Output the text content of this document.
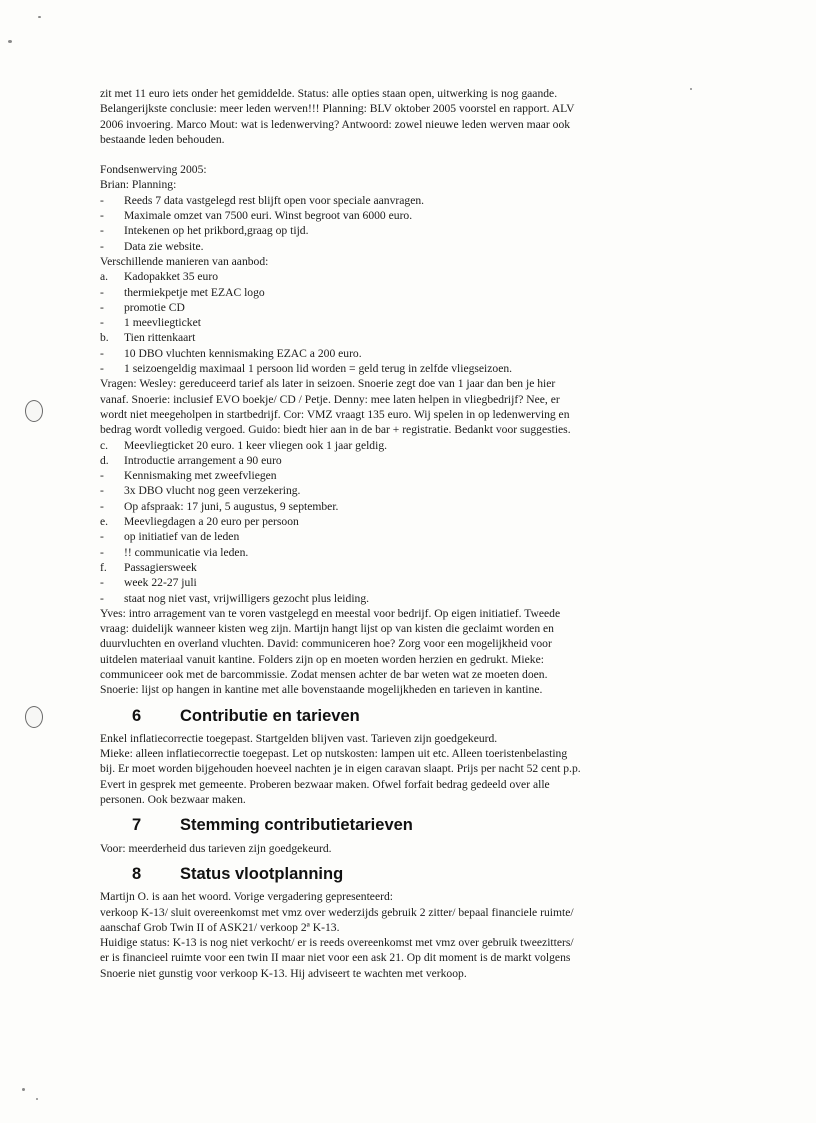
zit met 11 euro iets onder het gemiddelde. Status: alle opties staan open, uitwerking is nog gaande.

Belangerijkste conclusie: meer leden werven!!! Planning: BLV oktober 2005 voorstel en rapport. ALV

2006 invoering. Marco Mout: wat is ledenwerving? Antwoord: zowel nieuwe leden werven maar ook

bestaande leden behouden.

Fondsenwerving 2005:

Brian: Planning:

-	Reeds 7 data vastgelegd rest blijft open voor speciale aanvragen.
-	Maximale omzet van 7500 euri. Winst begroot van 6000 euro.
-	Intekenen op het prikbord,graag op tijd.
-	Data zie website.

Verschillende manieren van aanbod:

a.	Kadopakket 35 euro
-	thermiekpetje met EZAC logo
-	promotie CD
-	1 meevliegticket
b.	Tien rittenkaart
-	10 DBO vluchten kennismaking EZAC a 200 euro.
-	1 seizoengeldig maximaal 1 persoon lid worden = geld terug in zelfde vliegseizoen.

Vragen: Wesley: gereduceerd tarief als later in seizoen. Snoerie zegt doe van 1 jaar dan ben je hier

vanaf. Snoerie: inclusief EVO boekje/ CD / Petje. Denny: mee laten helpen in vliegbedrijf? Nee, er

wordt niet meegeholpen in startbedrijf. Cor: VMZ vraagt 135 euro. Wij spelen in op ledenwerving en

bedrag wordt volledig vergoed. Guido: biedt hier aan in de bar + registratie. Bedankt voor suggesties.

c.	Meevliegticket 20 euro. 1 keer vliegen ook 1 jaar geldig.
d.	Introductie arrangement a 90 euro
-	Kennismaking met zweefvliegen
-	3x DBO vlucht nog geen verzekering.
-	Op afspraak: 17 juni, 5 augustus, 9 september.
e.	Meevliegdagen a 20 euro per persoon
-	op initiatief van de leden
-	!! communicatie via leden.
f.	Passagiersweek
-	week 22-27 juli
-	staat nog niet vast, vrijwilligers gezocht plus leiding.

Yves: intro arragement van te voren vastgelegd en meestal voor bedrijf. Op eigen initiatief. Tweede

vraag: duidelijk wanneer kisten weg zijn. Martijn hangt lijst op van kisten die geclaimt worden en

duurvluchten en overland vluchten. David: communiceren hoe? Zorg voor een mogelijkheid voor

uitdelen materiaal vanuit kantine. Folders zijn op en moeten worden herzien en gedrukt. Mieke:

communiceer ook met de barcommissie. Zodat mensen achter de bar weten wat ze moeten doen.

Snoerie: lijst op hangen in kantine met alle bovenstaande mogelijkheden en tarieven in kantine.

6	Contributie en tarieven

Enkel inflatiecorrectie toegepast. Startgelden blijven vast. Tarieven zijn goedgekeurd.

Mieke: alleen inflatiecorrectie toegepast. Let op nutskosten: lampen uit etc. Alleen toeristenbelasting

bij. Er moet worden bijgehouden hoeveel nachten je in eigen caravan slaapt. Prijs per nacht 52 cent p.p.

Evert in gesprek met gemeente. Proberen bezwaar maken. Ofwel forfait bedrag gedeeld over alle

personen. Ook bezwaar maken.

7	Stemming contributietarieven

Voor: meerderheid dus tarieven zijn goedgekeurd.

8	Status vlootplanning

Martijn O. is aan het woord. Vorige vergadering gepresenteerd:

verkoop K-13/ sluit overeenkomst met vmz over wederzijds gebruik 2 zitter/ bepaal financiele ruimte/

aanschaf Grob Twin II of ASK21/ verkoop 2ª K-13.

Huidige status: K-13 is nog niet verkocht/ er is reeds overeenkomst met vmz over gebruik tweezitters/

er is financieel ruimte voor een twin II maar niet voor een ask 21. Op dit moment is de markt volgens

Snoerie niet gunstig voor verkoop K-13. Hij adviseert te wachten met verkoop.
